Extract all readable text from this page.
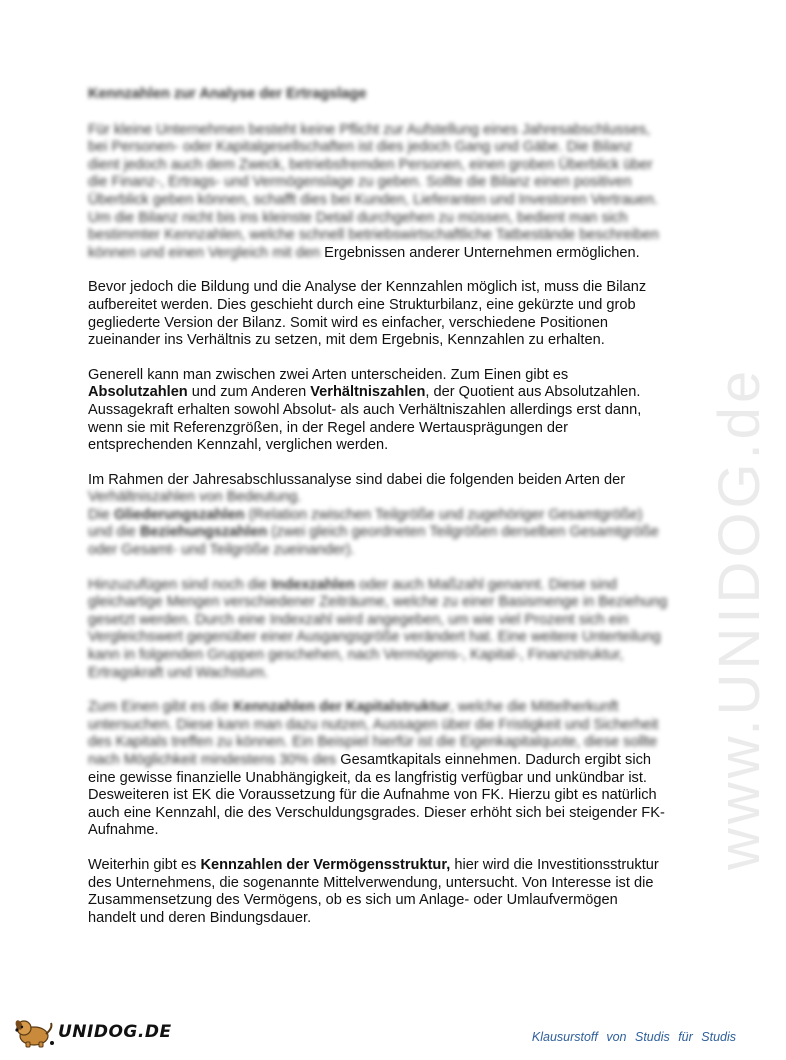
www.UNIDOG.de

Kennzahlen zur Analyse der Ertragslage

Für kleine Unternehmen besteht keine Pflicht zur Aufstellung eines Jahresabschlusses, bei Personen- oder Kapitalgesellschaften ist dies jedoch Gang und Gäbe. Die Bilanz dient jedoch auch dem Zweck, betriebsfremden Personen, einen groben Überblick über die Finanz-, Ertrags- und Vermögenslage zu geben. Sollte die Bilanz einen positiven Überblick geben können, schafft dies bei Kunden, Lieferanten und Investoren Vertrauen. Um die Bilanz nicht bis ins kleinste Detail durchgehen zu müssen, bedient man sich bestimmter Kennzahlen, welche schnell betriebswirtschaftliche Tatbestände beschreiben können und einen Vergleich mit den Ergebnissen anderer Unternehmen ermöglichen.

Bevor jedoch die Bildung und die Analyse der Kennzahlen möglich ist, muss die Bilanz aufbereitet werden. Dies geschieht durch eine Strukturbilanz, eine gekürzte und grob gegliederte Version der Bilanz. Somit wird es einfacher, verschiedene Positionen zueinander ins Verhältnis zu setzen, mit dem Ergebnis, Kennzahlen zu erhalten.

Generell kann man zwischen zwei Arten unterscheiden. Zum Einen gibt es Absolutzahlen und zum Anderen Verhältniszahlen, der Quotient aus Absolutzahlen. Aussagekraft erhalten sowohl Absolut- als auch Verhältniszahlen allerdings erst dann, wenn sie mit Referenzgrößen, in der Regel andere Wertausprägungen der entsprechenden Kennzahl, verglichen werden.

Im Rahmen der Jahresabschlussanalyse sind dabei die folgenden beiden Arten der Verhältniszahlen von Bedeutung.
Die Gliederungszahlen (Relation zwischen Teilgröße und zugehöriger Gesamtgröße) und die Beziehungszahlen (zwei gleich geordneten Teilgrößen derselben Gesamtgröße oder Gesamt- und Teilgröße zueinander).

Hinzuzufügen sind noch die Indexzahlen oder auch Maßzahl genannt. Diese sind gleichartige Mengen verschiedener Zeiträume, welche zu einer Basismenge in Beziehung gesetzt werden. Durch eine Indexzahl wird angegeben, um wie viel Prozent sich ein Vergleichswert gegenüber einer Ausgangsgröße verändert hat. Eine weitere Unterteilung kann in folgenden Gruppen geschehen, nach Vermögens-, Kapital-, Finanzstruktur, Ertragskraft und Wachstum.

Zum Einen gibt es die Kennzahlen der Kapitalstruktur, welche die Mittelherkunft untersuchen. Diese kann man dazu nutzen, Aussagen über die Fristigkeit und Sicherheit des Kapitals treffen zu können. Ein Beispiel hierfür ist die Eigenkapitalquote, diese sollte nach Möglichkeit mindestens 30% des Gesamtkapitals einnehmen. Dadurch ergibt sich eine gewisse finanzielle Unabhängigkeit, da es langfristig verfügbar und unkündbar ist. Desweiteren ist EK die Voraussetzung für die Aufnahme von FK. Hierzu gibt es natürlich auch eine Kennzahl, die des Verschuldungsgrades. Dieser erhöht sich bei steigender FK-Aufnahme.

Weiterhin gibt es Kennzahlen der Vermögensstruktur, hier wird die Investitionsstruktur des Unternehmens, die sogenannte Mittelverwendung, untersucht. Von Interesse ist die Zusammensetzung des Vermögens, ob es sich um Anlage- oder Umlaufvermögen handelt und deren Bindungsdauer.

UNIDOG.DE	Klausurstoff von Studis für Studis
